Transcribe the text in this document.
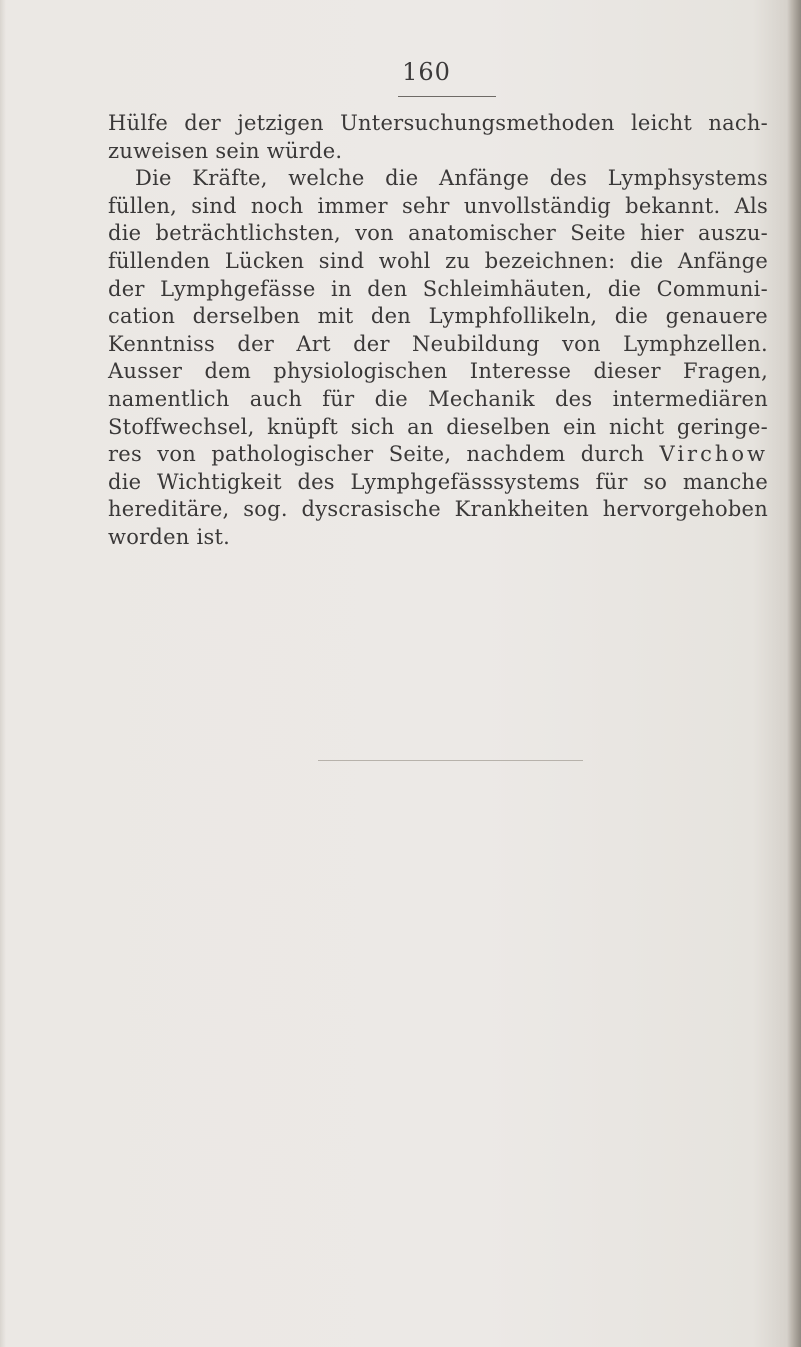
160
Hülfe der jetzigen Untersuchungsmethoden leicht nach-
zuweisen sein würde.
Die Kräfte, welche die Anfänge des Lymphsystems
füllen, sind noch immer sehr unvollständig bekannt. Als
die beträchtlichsten, von anatomischer Seite hier auszu-
füllenden Lücken sind wohl zu bezeichnen: die Anfänge
der Lymphgefässe in den Schleimhäuten, die Communi-
cation derselben mit den Lymphfollikeln, die genauere
Kenntniss der Art der Neubildung von Lymphzellen.
Ausser dem physiologischen Interesse dieser Fragen,
namentlich auch für die Mechanik des intermediären
Stoffwechsel, knüpft sich an dieselben ein nicht geringe-
res von pathologischer Seite, nachdem durch Virchow
die Wichtigkeit des Lymphgefässsystems für so manche
hereditäre, sog. dyscrasische Krankheiten hervorgehoben
worden ist.
